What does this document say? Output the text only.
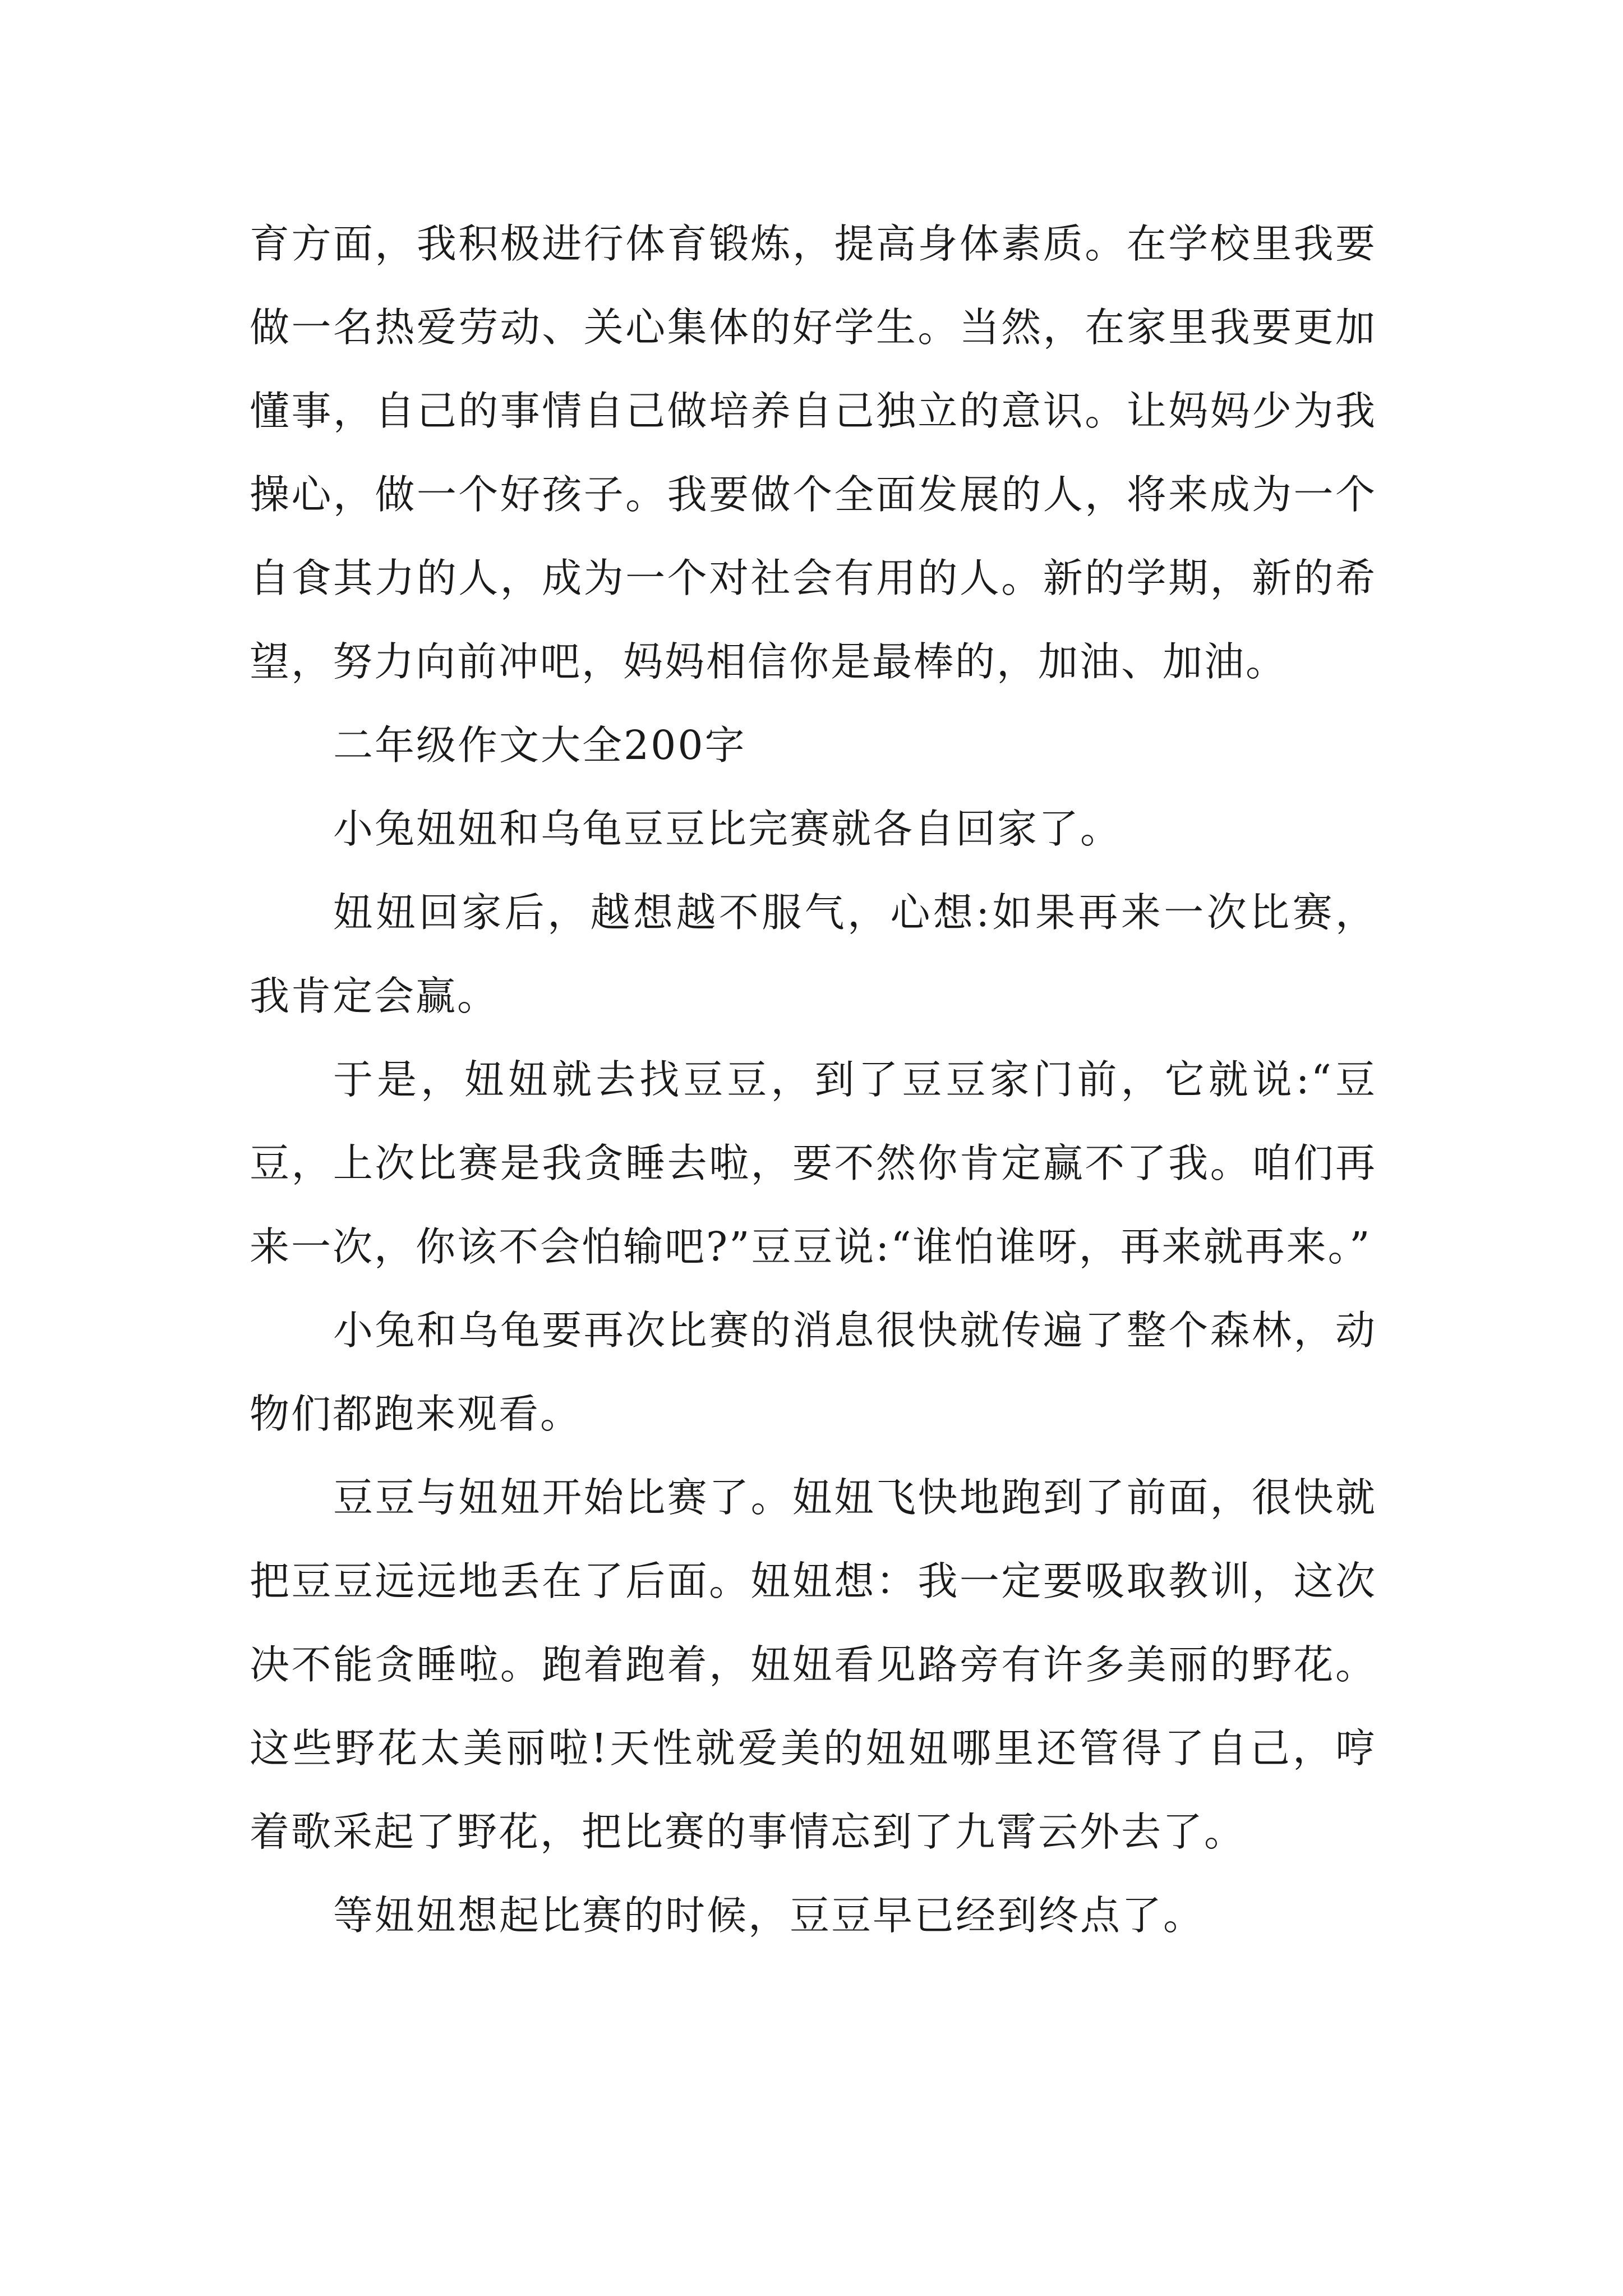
育方面，我积极进行体育锻炼，提高身体素质。在学校里我要做一名热爱劳动、关心集体的好学生。当然，在家里我要更加懂事，自己的事情自己做培养自己独立的意识。让妈妈少为我操心，做一个好孩子。我要做个全面发展的人，将来成为一个自食其力的人，成为一个对社会有用的人。新的学期，新的希望，努力向前冲吧，妈妈相信你是最棒的，加油、加油。

二年级作文大全200字

小兔妞妞和乌龟豆豆比完赛就各自回家了。

妞妞回家后，越想越不服气，心想:如果再来一次比赛，我肯定会赢。

于是，妞妞就去找豆豆，到了豆豆家门前，它就说:“豆豆，上次比赛是我贪睡去啦，要不然你肯定赢不了我。咱们再来一次，你该不会怕输吧?”豆豆说:“谁怕谁呀，再来就再来。”

小兔和乌龟要再次比赛的消息很快就传遍了整个森林，动物们都跑来观看。

豆豆与妞妞开始比赛了。妞妞飞快地跑到了前面，很快就把豆豆远远地丢在了后面。妞妞想：我一定要吸取教训，这次决不能贪睡啦。跑着跑着，妞妞看见路旁有许多美丽的野花。这些野花太美丽啦!天性就爱美的妞妞哪里还管得了自己，哼着歌采起了野花，把比赛的事情忘到了九霄云外去了。

等妞妞想起比赛的时候，豆豆早已经到终点了。
